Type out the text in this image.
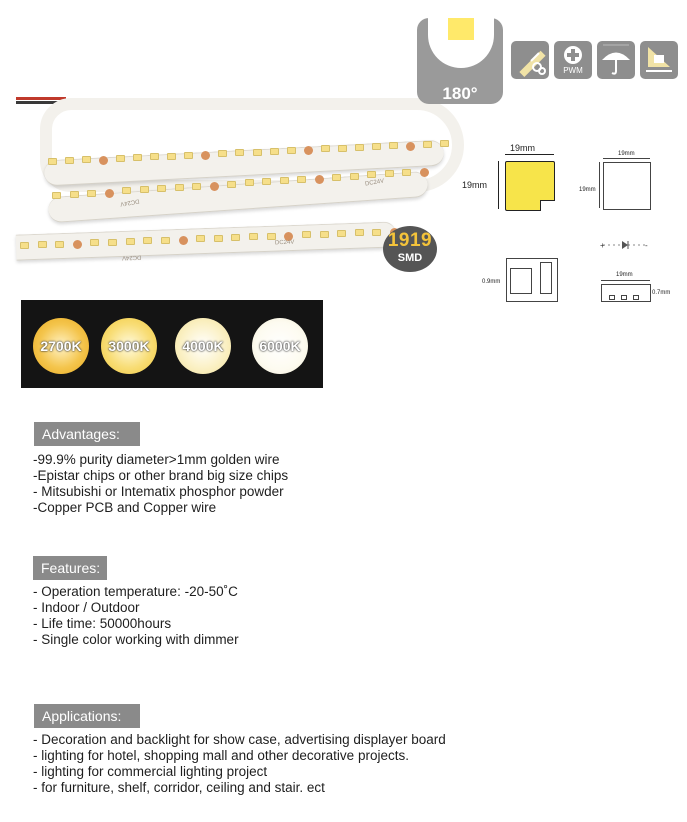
DC24V
DC24V
DC24V
DC24V
180°
PWM
19mm
19mm
19mm
19mm
+	-
0.9mm
19mm
0.7mm
1919
SMD
2700K	3000K	4000K	6000K
Advantages:
-99.9% purity diameter>1mm golden wire
-Epistar chips or other brand big size chips
- Mitsubishi or Intematix phosphor powder
-Copper PCB and Copper wire
Features:
- Operation temperature: ‑20-50˚C
- Indoor / Outdoor
- Life time: 50000hours
- Single color working with dimmer
Applications:
- Decoration and backlight for show case, advertising displayer board
- lighting for hotel, shopping mall and other decorative projects.
- lighting for commercial lighting project
- for furniture, shelf, corridor, ceiling and stair. ect
